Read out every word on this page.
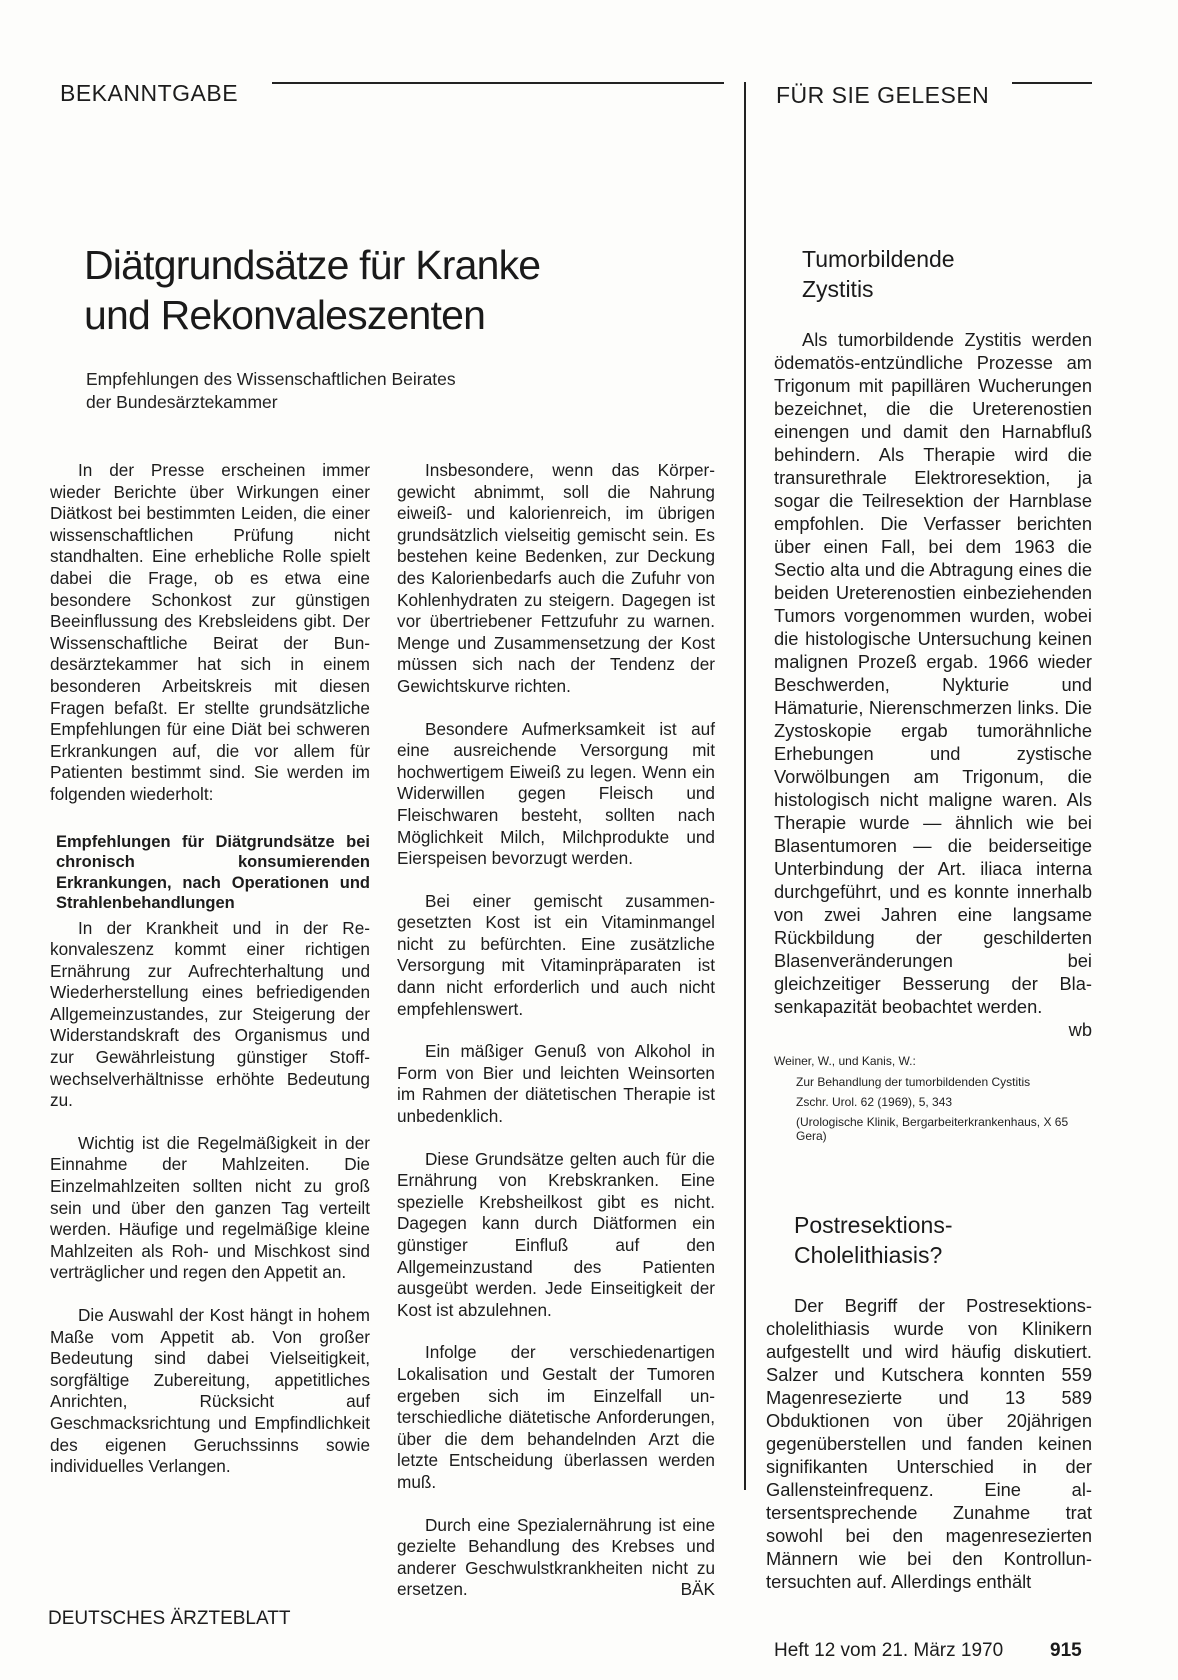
BEKANNTGABE	FÜR SIE GELESEN
Diätgrundsätze für Kranke
und Rekonvaleszenten
Empfehlungen des Wissenschaftlichen Beirates
der Bundesärztekammer

In der Presse erscheinen immer wieder Berichte über Wirkungen einer Diätkost bei bestimmten Leiden, die einer wissenschaftlichen Prüfung nicht standhalten. Eine erhebliche Rolle spielt dabei die Frage, ob es etwa eine besondere Schonkost zur günstigen Beeinflussung des Krebsleidens gibt. Der Wissenschaftliche Beirat der Bundesärztekammer hat sich in einem besonderen Arbeitskreis mit diesen Fragen befaßt. Er stellte grundsätzliche Empfehlungen für eine Diät bei schweren Erkrankungen auf, die vor allem für Patienten bestimmt sind. Sie werden im folgenden wiederholt:

Empfehlungen für Diätgrundsätze bei chronisch konsumierenden Erkrankungen, nach Operationen und Strahlenbehandlungen

In der Krankheit und in der Rekonvaleszenz kommt einer richtigen Ernährung zur Aufrechterhaltung und Wiederherstellung eines befriedigenden Allgemeinzustandes, zur Steigerung der Widerstandskraft des Organismus und zur Gewährleistung günstiger Stoffwechselverhältnisse erhöhte Bedeutung zu.

Wichtig ist die Regelmäßigkeit in der Einnahme der Mahlzeiten. Die Einzelmahlzeiten sollten nicht zu groß sein und über den ganzen Tag verteilt werden. Häufige und regelmäßige kleine Mahlzeiten als Roh- und Mischkost sind verträglicher und regen den Appetit an.

Die Auswahl der Kost hängt in hohem Maße vom Appetit ab. Von großer Bedeutung sind dabei Vielseitigkeit, sorgfältige Zubereitung, appetitliches Anrichten, Rücksicht auf Geschmacksrichtung und Empfindlichkeit des eigenen Geruchssinns sowie individuelles Verlangen.

Insbesondere, wenn das Körpergewicht abnimmt, soll die Nahrung eiweiß- und kalorienreich, im übrigen grundsätzlich vielseitig gemischt sein. Es bestehen keine Bedenken, zur Deckung des Kalorienbedarfs auch die Zufuhr von Kohlenhydraten zu steigern. Dagegen ist vor übertriebener Fettzufuhr zu warnen. Menge und Zusammensetzung der Kost müssen sich nach der Tendenz der Gewichtskurve richten.

Besondere Aufmerksamkeit ist auf eine ausreichende Versorgung mit hochwertigem Eiweiß zu legen. Wenn ein Widerwillen gegen Fleisch und Fleischwaren besteht, sollten nach Möglichkeit Milch, Milchprodukte und Eierspeisen bevorzugt werden.

Bei einer gemischt zusammengesetzten Kost ist ein Vitaminmangel nicht zu befürchten. Eine zusätzliche Versorgung mit Vitaminpräparaten ist dann nicht erforderlich und auch nicht empfehlenswert.

Ein mäßiger Genuß von Alkohol in Form von Bier und leichten Weinsorten im Rahmen der diätetischen Therapie ist unbedenklich.

Diese Grundsätze gelten auch für die Ernährung von Krebskranken. Eine spezielle Krebsheilkost gibt es nicht. Dagegen kann durch Diätformen ein günstiger Einfluß auf den Allgemeinzustand des Patienten ausgeübt werden. Jede Einseitigkeit der Kost ist abzulehnen.

Infolge der verschiedenartigen Lokalisation und Gestalt der Tumoren ergeben sich im Einzelfall unterschiedliche diätetische Anforderungen, über die dem behandelnden Arzt die letzte Entscheidung überlassen werden muß.

Durch eine Spezialernährung ist eine gezielte Behandlung des Krebses und anderer Geschwulstkrankheiten nicht zu ersetzen.	BÄK

Tumorbildende
Zystitis

Als tumorbildende Zystitis werden ödematös-entzündliche Prozesse am Trigonum mit papillären Wucherungen bezeichnet, die die Ureterenostien einengen und damit den Harnabfluß behindern. Als Therapie wird die transurethrale Elektroresektion, ja sogar die Teilresektion der Harnblase empfohlen. Die Verfasser berichten über einen Fall, bei dem 1963 die Sectio alta und die Abtragung eines die beiden Ureterenostien einbeziehenden Tumors vorgenommen wurden, wobei die histologische Untersuchung keinen malignen Prozeß ergab. 1966 wieder Beschwerden, Nykturie und Hämaturie, Nierenschmerzen links. Die Zystoskopie ergab tumorähnliche Erhebungen und zystische Vorwölbungen am Trigonum, die histologisch nicht maligne waren. Als Therapie wurde — ähnlich wie bei Blasentumoren — die beiderseitige Unterbindung der Art. iliaca interna durchgeführt, und es konnte innerhalb von zwei Jahren eine langsame Rückbildung der geschilderten Blasenveränderungen bei gleichzeitiger Besserung der Blasenkapazität beobachtet werden.

wb
Weiner, W., und Kanis, W.:
Zur Behandlung der tumorbildenden Cystitis
Zschr. Urol. 62 (1969), 5, 343
(Urologische Klinik, Bergarbeiterkrankenhaus, X 65 Gera)
Postresektions-
Cholelithiasis?

Der Begriff der Postresektionscholelithiasis wurde von Klinikern aufgestellt und wird häufig diskutiert. Salzer und Kutschera konnten 559 Magenresezierte und 13 589 Obduktionen von über 20jährigen gegenüberstellen und fanden keinen signifikanten Unterschied in der Gallensteinfrequenz. Eine altersentsprechende Zunahme trat sowohl bei den magenresezierten Männern wie bei den Kontrolluntersuchten auf. Allerdings enthält

DEUTSCHES ÄRZTEBLATT
Heft 12 vom 21. März 1970 915
